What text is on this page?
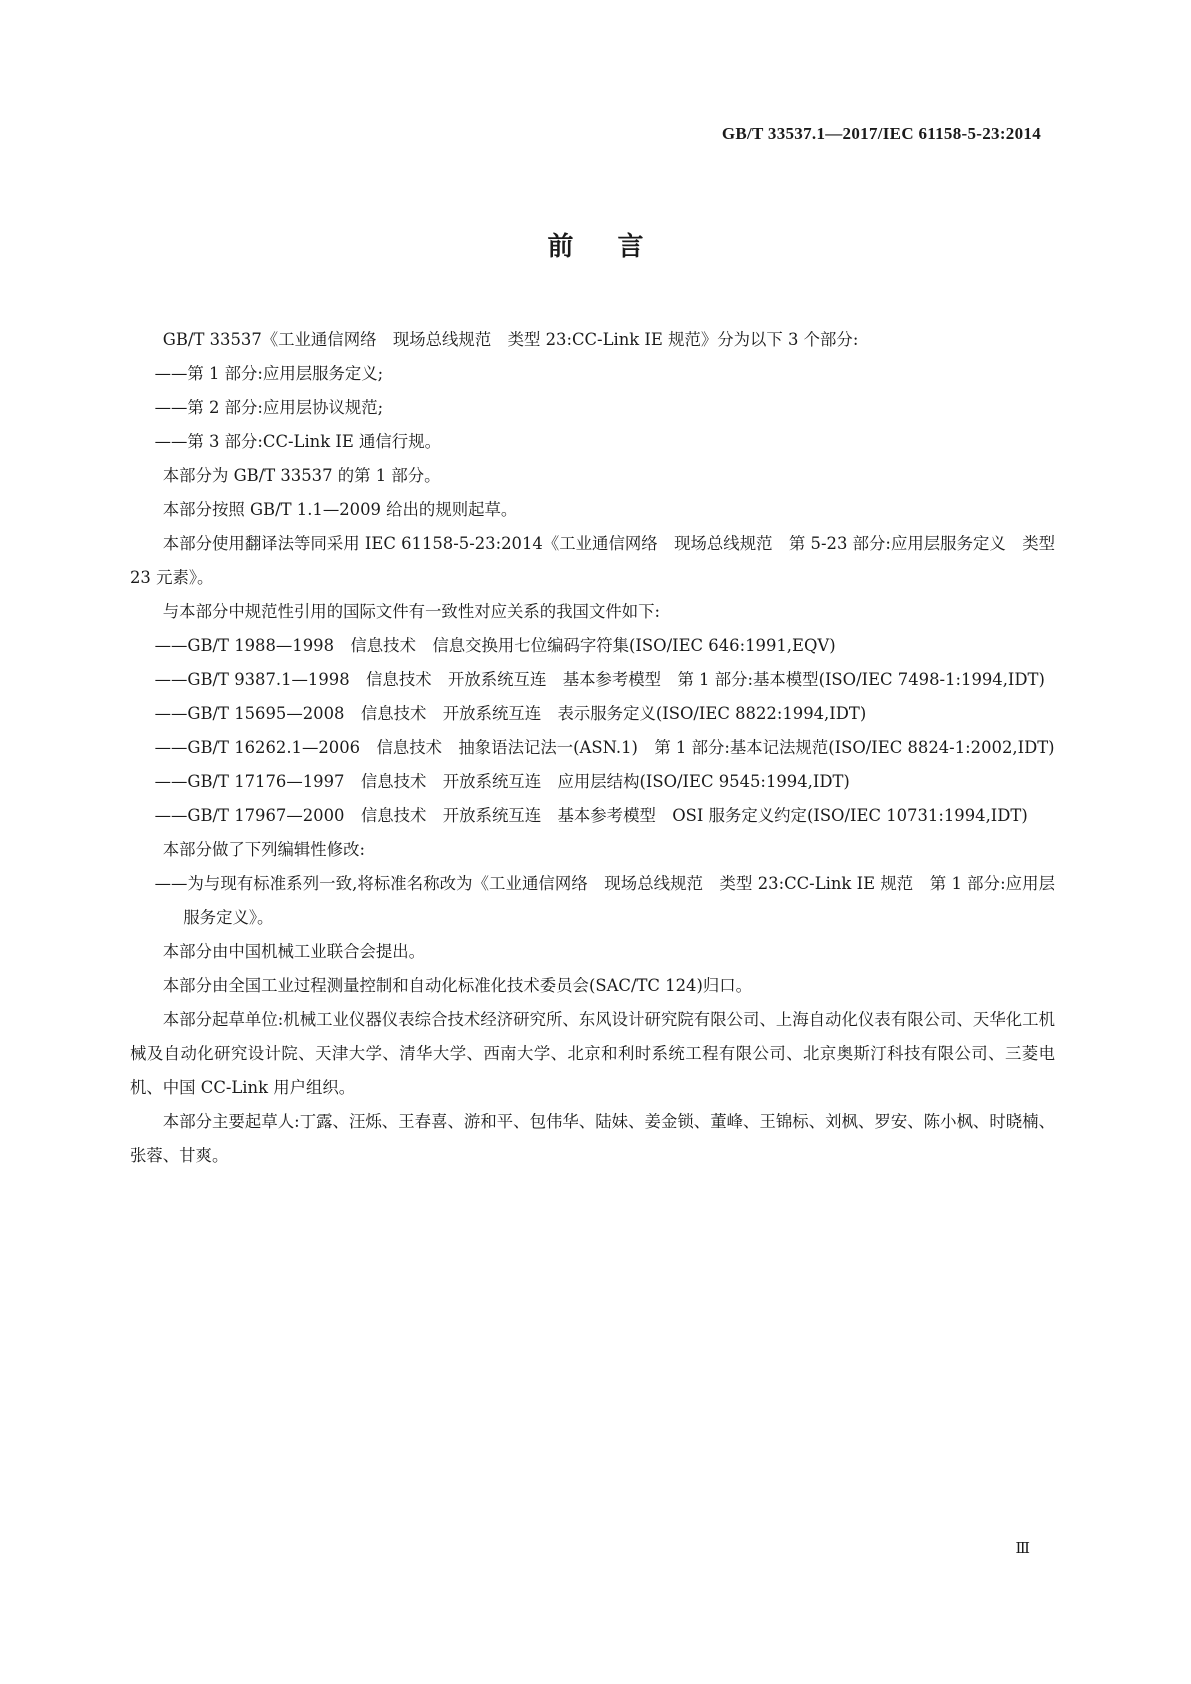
GB/T 33537.1—2017/IEC 61158-5-23:2014
前言

GB/T 33537《工业通信网络　现场总线规范　类型 23:CC-Link IE 规范》分为以下 3 个部分:

——第 1 部分:应用层服务定义;

——第 2 部分:应用层协议规范;

——第 3 部分:CC-Link IE 通信行规。

本部分为 GB/T 33537 的第 1 部分。

本部分按照 GB/T 1.1—2009 给出的规则起草。

本部分使用翻译法等同采用 IEC 61158-5-23:2014《工业通信网络　现场总线规范　第 5-23 部分:应用层服务定义　类型 23 元素》。

与本部分中规范性引用的国际文件有一致性对应关系的我国文件如下:

——GB/T 1988—1998　信息技术　信息交换用七位编码字符集(ISO/IEC 646:1991,EQV)

——GB/T 9387.1—1998　信息技术　开放系统互连　基本参考模型　第 1 部分:基本模型(ISO/IEC 7498-1:1994,IDT)

——GB/T 15695—2008　信息技术　开放系统互连　表示服务定义(ISO/IEC 8822:1994,IDT)

——GB/T 16262.1—2006　信息技术　抽象语法记法一(ASN.1)　第 1 部分:基本记法规范(ISO/IEC 8824-1:2002,IDT)

——GB/T 17176—1997　信息技术　开放系统互连　应用层结构(ISO/IEC 9545:1994,IDT)

——GB/T 17967—2000　信息技术　开放系统互连　基本参考模型　OSI 服务定义约定(ISO/IEC 10731:1994,IDT)

本部分做了下列编辑性修改:

——为与现有标准系列一致,将标准名称改为《工业通信网络　现场总线规范　类型 23:CC-Link IE 规范　第 1 部分:应用层服务定义》。

本部分由中国机械工业联合会提出。

本部分由全国工业过程测量控制和自动化标准化技术委员会(SAC/TC 124)归口。

本部分起草单位:机械工业仪器仪表综合技术经济研究所、东风设计研究院有限公司、上海自动化仪表有限公司、天华化工机械及自动化研究设计院、天津大学、清华大学、西南大学、北京和利时系统工程有限公司、北京奥斯汀科技有限公司、三菱电机、中国 CC-Link 用户组织。

本部分主要起草人:丁露、汪烁、王春喜、游和平、包伟华、陆妹、姜金锁、董峰、王锦标、刘枫、罗安、陈小枫、时晓楠、张蓉、甘爽。

Ⅲ
